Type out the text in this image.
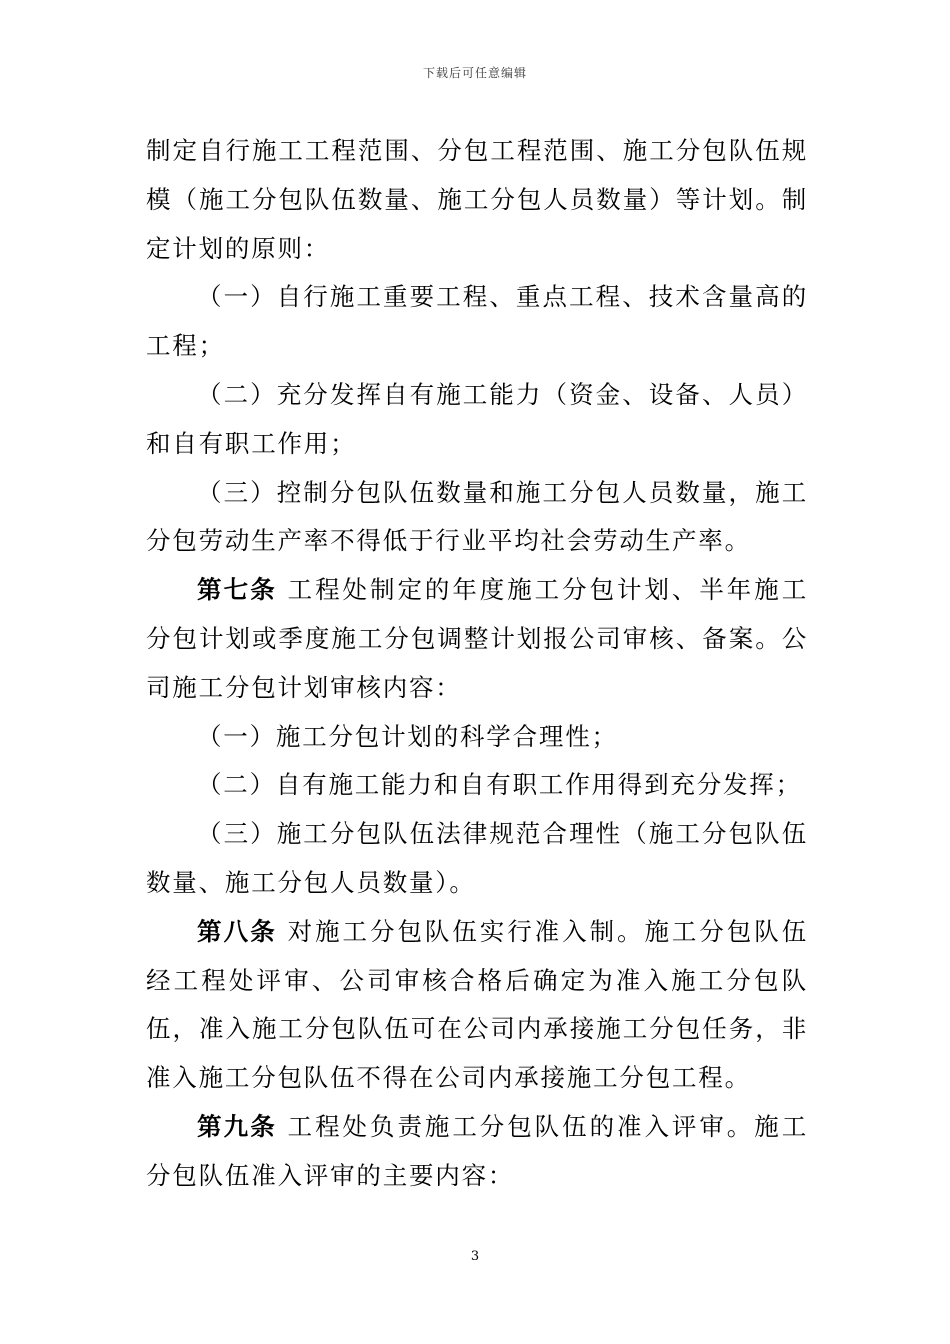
下载后可任意编辑

制定自行施工工程范围、分包工程范围、施工分包队伍规模（施工分包队伍数量、施工分包人员数量）等计划。制定计划的原则：

（一）自行施工重要工程、重点工程、技术含量高的工程；

（二）充分发挥自有施工能力（资金、设备、人员）和自有职工作用；

（三）控制分包队伍数量和施工分包人员数量，施工分包劳动生产率不得低于行业平均社会劳动生产率。

第七条 工程处制定的年度施工分包计划、半年施工分包计划或季度施工分包调整计划报公司审核、备案。公司施工分包计划审核内容：

（一）施工分包计划的科学合理性；

（二）自有施工能力和自有职工作用得到充分发挥；

（三）施工分包队伍法律规范合理性（施工分包队伍数量、施工分包人员数量）。

第八条 对施工分包队伍实行准入制。施工分包队伍经工程处评审、公司审核合格后确定为准入施工分包队伍，准入施工分包队伍可在公司内承接施工分包任务，非准入施工分包队伍不得在公司内承接施工分包工程。

第九条 工程处负责施工分包队伍的准入评审。施工分包队伍准入评审的主要内容：

3
